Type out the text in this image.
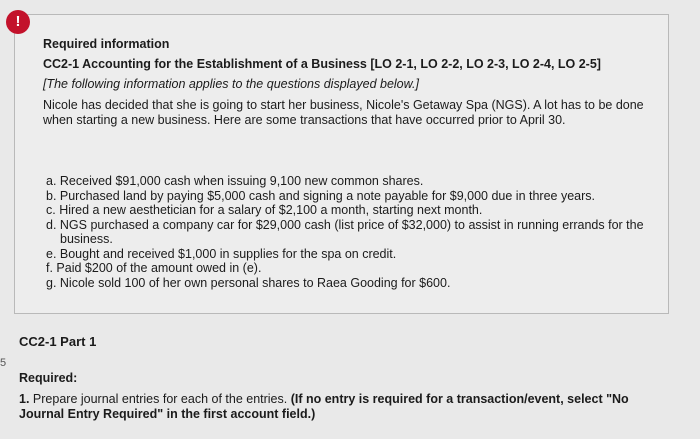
!
Required information
CC2-1 Accounting for the Establishment of a Business [LO 2-1, LO 2-2, LO 2-3, LO 2-4, LO 2-5]
[The following information applies to the questions displayed below.]
Nicole has decided that she is going to start her business, Nicole's Getaway Spa (NGS). A lot has to be done when starting a new business. Here are some transactions that have occurred prior to April 30.
a. Received $91,000 cash when issuing 9,100 new common shares.
b. Purchased land by paying $5,000 cash and signing a note payable for $9,000 due in three years.
c. Hired a new aesthetician for a salary of $2,100 a month, starting next month.
d. NGS purchased a company car for $29,000 cash (list price of $32,000) to assist in running errands for the business.
e. Bought and received $1,000 in supplies for the spa on credit.
f. Paid $200 of the amount owed in (e).
g. Nicole sold 100 of her own personal shares to Raea Gooding for $600.
5
CC2-1 Part 1
Required:
1. Prepare journal entries for each of the entries. (If no entry is required for a transaction/event, select "No Journal Entry Required" in the first account field.)
